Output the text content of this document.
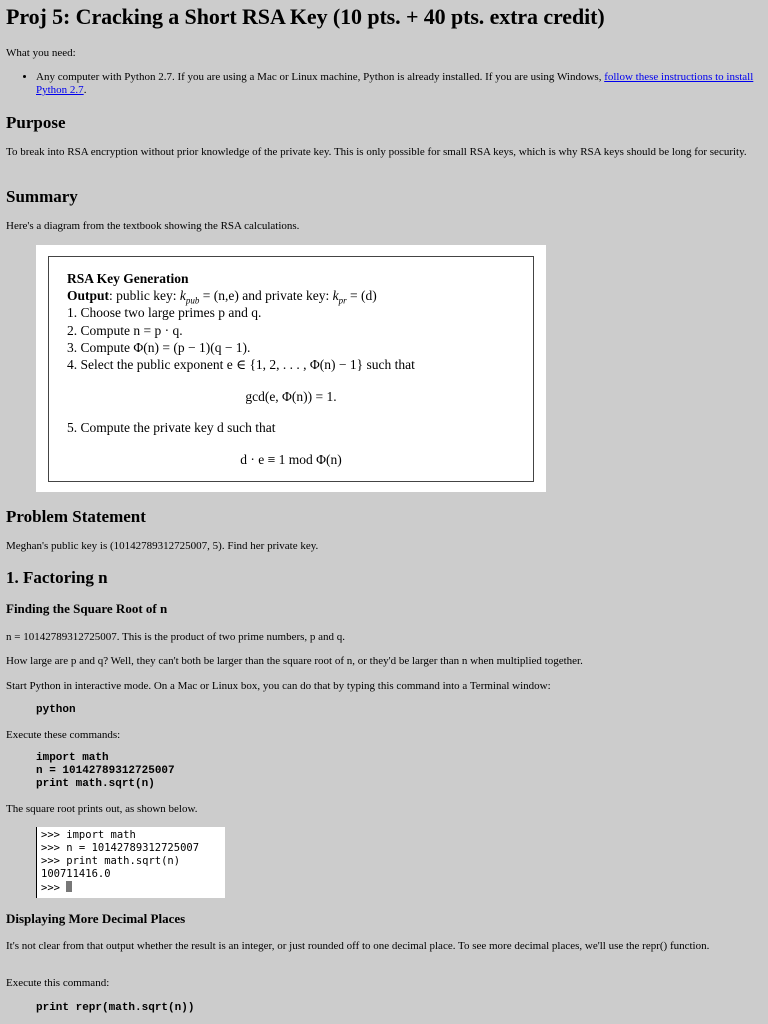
Proj 5: Cracking a Short RSA Key (10 pts. + 40 pts. extra credit)

What you need:

• Any computer with Python 2.7. If you are using a Mac or Linux machine, Python is already installed. If you are using Windows, follow these instructions to install Python 2.7.
Purpose

To break into RSA encryption without prior knowledge of the private key. This is only possible for small RSA keys, which is why RSA keys should be long for security.

Summary

Here's a diagram from the textbook showing the RSA calculations.

RSA Key Generation
Output: public key: $k_{pub} = (n,e)$ and private key: $k_{pr} = (d)$
1. Choose two large primes p and q.
2. Compute n = p · q.
3. Compute Φ(n) = (p − 1)(q − 1).
4. Select the public exponent e ∈ {1, 2, . . . , Φ(n) − 1} such that
gcd(e, Φ(n)) = 1.
5. Compute the private key d such that
d · e ≡ 1 mod Φ(n)
Problem Statement

Meghan's public key is (10142789312725007, 5). Find her private key.

1. Factoring n
Finding the Square Root of n

n = 10142789312725007. This is the product of two prime numbers, p and q.

How large are p and q? Well, they can't both be larger than the square root of n, or they'd be larger than n when multiplied together.

Start Python in interactive mode. On a Mac or Linux box, you can do that by typing this command into a Terminal window:

python

Execute these commands:

import math
n = 10142789312725007
print math.sqrt(n)

The square root prints out, as shown below.

>>> import math
>>> n = 10142789312725007
>>> print math.sqrt(n)
100711416.0
>>>
Displaying More Decimal Places

It's not clear from that output whether the result is an integer, or just rounded off to one decimal place. To see more decimal places, we'll use the repr() function.

Execute this command:

print repr(math.sqrt(n))
